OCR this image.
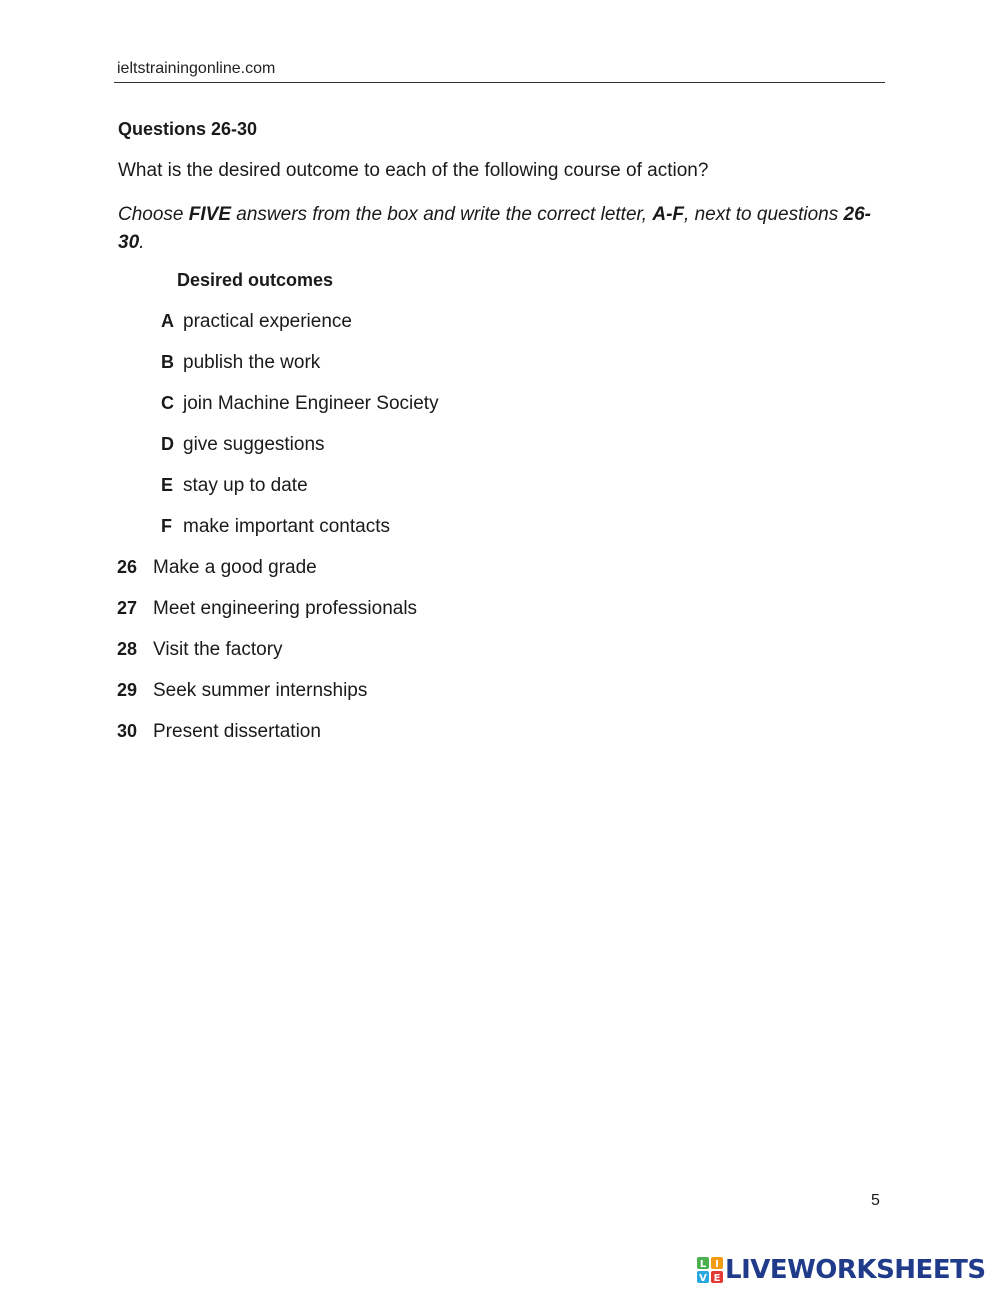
ieltstrainingonline.com
Questions 26-30
What is the desired outcome to each of the following course of action?
Choose FIVE answers from the box and write the correct letter, A-F, next to questions 26-30.
Desired outcomes
A practical experience
B publish the work
C join Machine Engineer Society
D give suggestions
E stay up to date
F make important contacts
26 Make a good grade
27 Meet engineering professionals
28 Visit the factory
29 Seek summer internships
30 Present dissertation
5
L I
V E LIVEWORKSHEETS
